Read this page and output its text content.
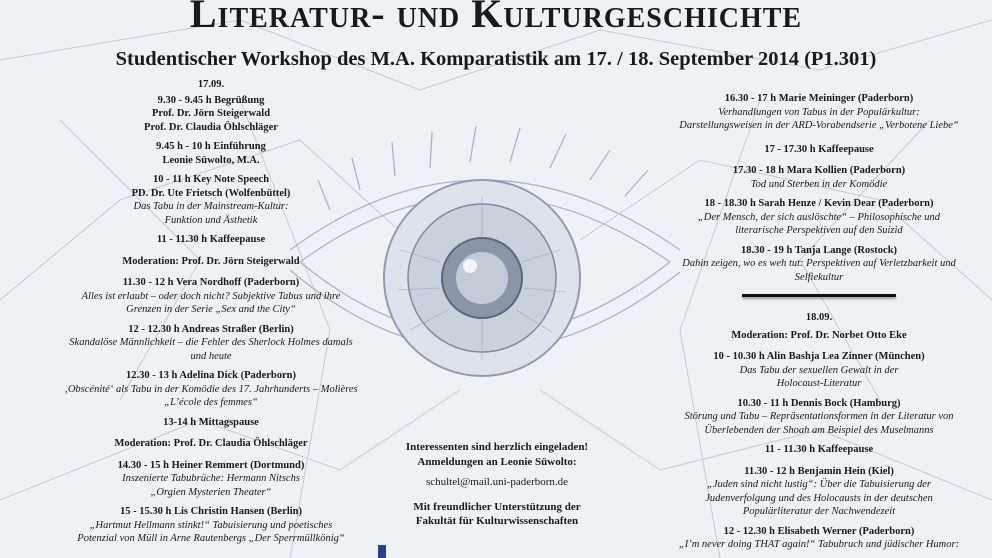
Literatur- und Kulturgeschichte
Studentischer Workshop des M.A. Komparatistik am 17. / 18. September 2014 (P1.301)
17.09.
9.30 - 9.45 h Begrüßung
Prof. Dr. Jörn Steigerwald
Prof. Dr. Claudia Öhlschläger
9.45 h - 10 h Einführung
Leonie Süwolto, M.A.
10 - 11 h Key Note Speech
PD. Dr. Ute Frietsch (Wolfenbüttel)
Das Tabu in der Mainstream-Kultur:
Funktion und Ästhetik
11 - 11.30 h Kaffeepause
Moderation: Prof. Dr. Jörn Steigerwald
11.30 - 12 h Vera Nordhoff (Paderborn)
Alles ist erlaubt – oder doch nicht? Subjektive Tabus und ihre
Grenzen in der Serie „Sex and the City“
12 - 12.30 h Andreas Straßer (Berlin)
Skandalöse Männlichkeit – die Fehler des Sherlock Holmes damals
und heute
12.30 - 13 h Adelina Dick (Paderborn)
‚Obscénité‘ als Tabu in der Komödie des 17. Jahrhunderts – Molières
„L’école des femmes“
13-14 h Mittagspause
Moderation: Prof. Dr. Claudia Öhlschläger
14.30 - 15 h Heiner Remmert (Dortmund)
Inszenierte Tabubrüche: Hermann Nitschs
„Orgien Mysterien Theater“
15 - 15.30 h Lis Christin Hansen (Berlin)
„Hartmut Hellmann stinkt!“ Tabuisierung und poetisches
Potenzial von Müll in Arne Rautenbergs „Der Sperrmüllkönig“

Interessenten sind herzlich eingeladen!

Anmeldungen an Leonie Süwolto:

schultel@mail.uni-paderborn.de

Mit freundlicher Unterstützung der

Fakultät für Kulturwissenschaften

16.30 - 17 h Marie Meininger (Paderborn)
Verhandlungen von Tabus in der Populärkultur:
Darstellungsweisen in der ARD-Vorabendserie „Verbotene Liebe“
17 - 17.30 h Kaffeepause
17.30 - 18 h Mara Kollien (Paderborn)
Tod und Sterben in der Komödie
18 - 18.30 h Sarah Henze / Kevin Dear (Paderborn)
„Der Mensch, der sich auslöschte“ – Philosophische und
literarische Perspektiven auf den Suizid
18.30 - 19 h Tanja Lange (Rostock)
Dahin zeigen, wo es weh tut: Perspektiven auf Verletzbarkeit und
Selfiekultur
18.09.
Moderation: Prof. Dr. Norbet Otto Eke
10 - 10.30 h Alin Bashja Lea Zinner (München)
Das Tabu der sexuellen Gewalt in der
Holocaust-Literatur
10.30 - 11 h Dennis Bock (Hamburg)
Störung und Tabu – Repräsentationsformen in der Literatur von
Überlebenden der Shoah am Beispiel des Muselmanns
11 - 11.30 h Kaffeepause
11.30 - 12 h Benjamin Hein (Kiel)
„Juden sind nicht lustig“: Über die Tabuisierung der
Judenverfolgung und des Holocausts in der deutschen
Populärliteratur der Nachwendezeit
12 - 12.30 h Elisabeth Werner (Paderborn)
„I’m never doing THAT again!“ Tabubruch und jüdischer Humor:
